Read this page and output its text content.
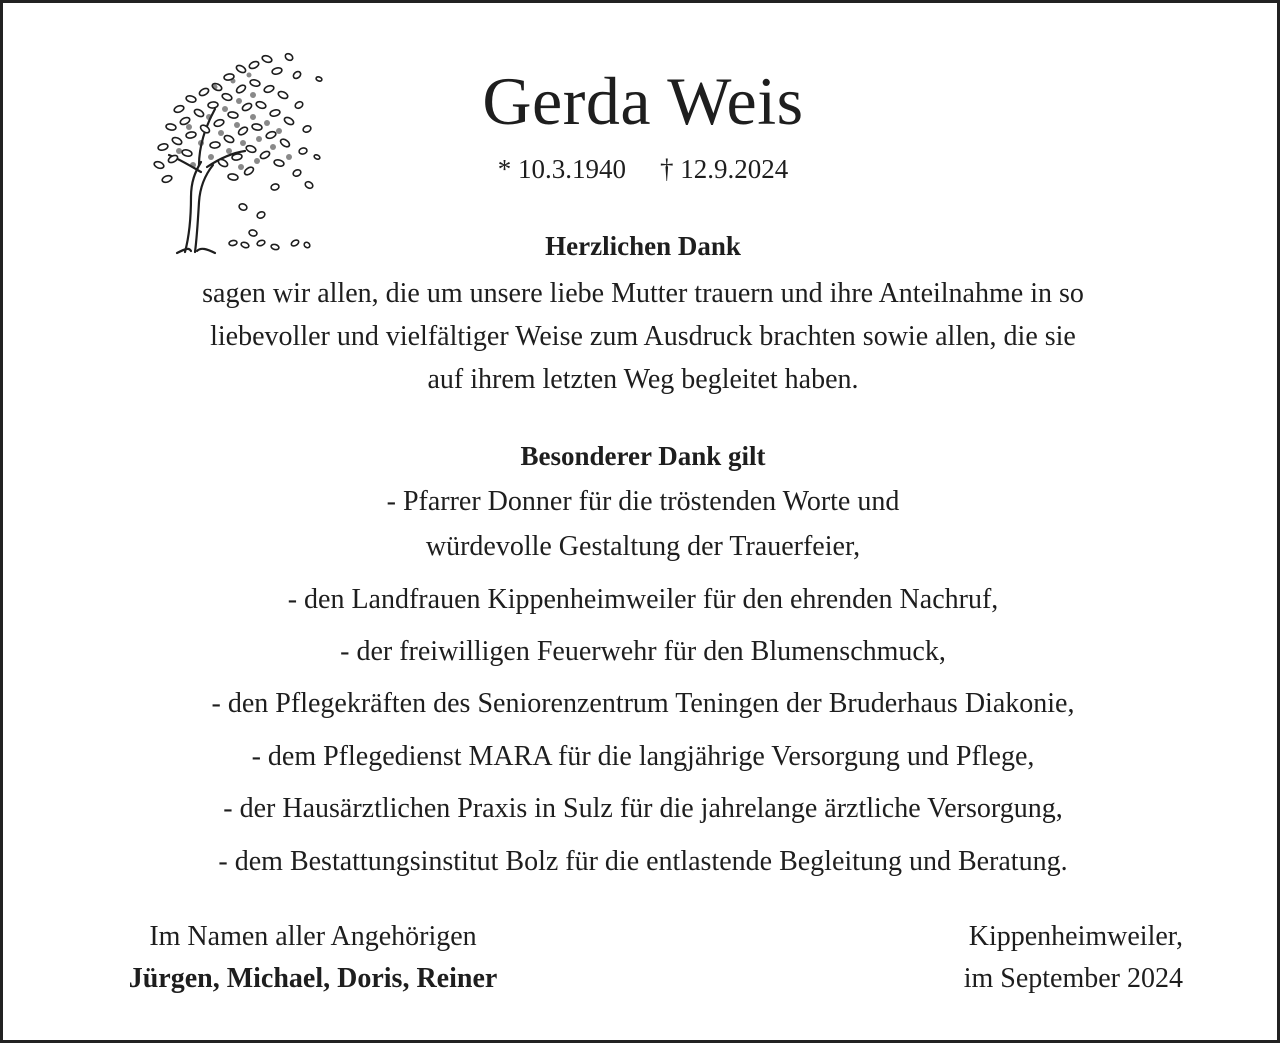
Gerda Weis
* 10.3.1940 † 12.9.2024
Herzlichen Dank
sagen wir allen, die um unsere liebe Mutter trauern und ihre Anteilnahme in so
liebevoller und vielfältiger Weise zum Ausdruck brachten sowie allen, die sie
auf ihrem letzten Weg begleitet haben.
Besonderer Dank gilt
- Pfarrer Donner für die tröstenden Worte und
würdevolle Gestaltung der Trauerfeier,
- den Landfrauen Kippenheimweiler für den ehrenden Nachruf,
- der freiwilligen Feuerwehr für den Blumenschmuck,
- den Pflegekräften des Seniorenzentrum Teningen der Bruderhaus Diakonie,
- dem Pflegedienst MARA für die langjährige Versorgung und Pflege,
- der Hausärztlichen Praxis in Sulz für die jahrelange ärztliche Versorgung,
- dem Bestattungsinstitut Bolz für die entlastende Begleitung und Beratung.
Im Namen aller Angehörigen
Jürgen, Michael, Doris, Reiner
Kippenheimweiler,
im September 2024
